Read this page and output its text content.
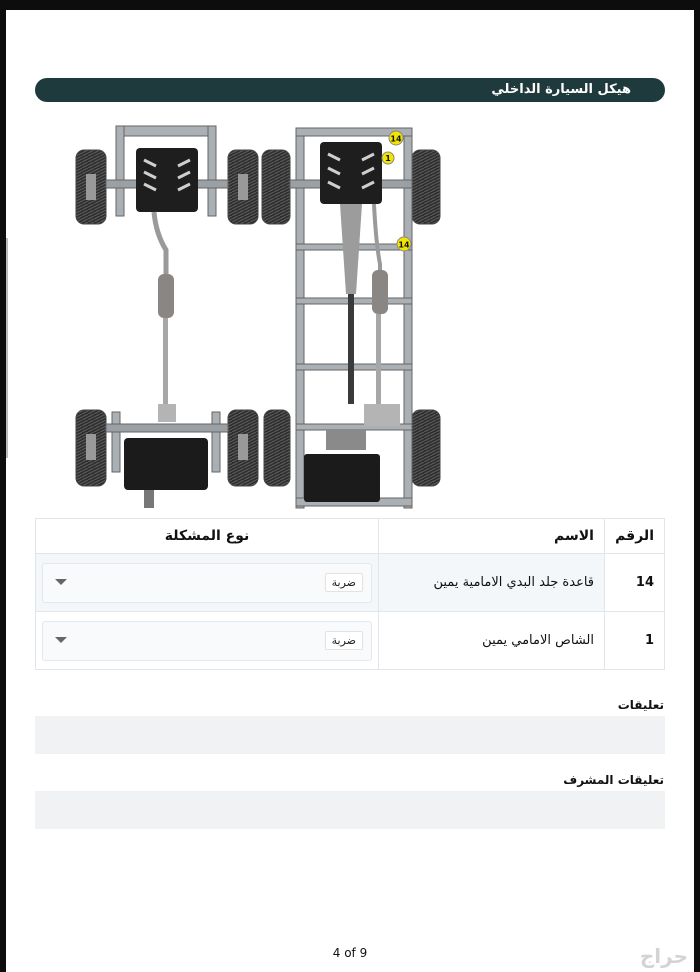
هيكل السيارة الداخلي
14
1
14
الرقم	الاسم	نوع المشكلة
14	قاعدة جلد البدي الامامية يمين	ضربة

1	الشاص الامامي يمين	ضربة
تعليقات
تعليقات المشرف
4 of 9	حراج
